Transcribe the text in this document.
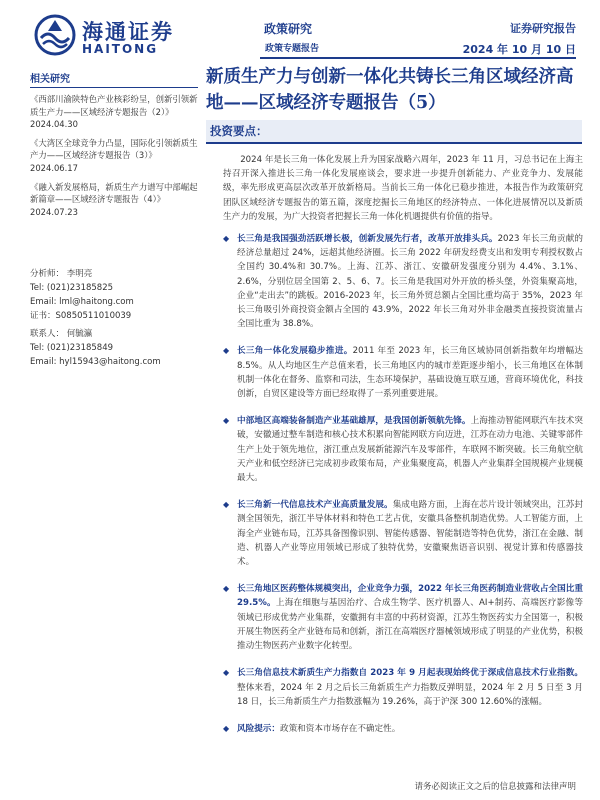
海通证券
HAITONG
政策研究
政策专题报告
证券研究报告
2024 年 10 月 10 日
相关研究
《西部川渝陕特色产业核彩纷呈，创新引领新质生产力——区域经济专题报告（2）》
2024.04.30
《大湾区全球竞争力凸显，国际化引领新质生产力——区域经济专题报告（3）》
2024.06.17
《融入新发展格局，新质生产力谱写中部崛起新篇章——区域经济专题报告（4）》
2024.07.23
分析师： 李明亮
Tel: (021)23185825
Email: lml@haitong.com
证书：S0850511010039
联系人： 何毓瀛
Tel: (021)23185849
Email: hyl15943@haitong.com
新质生产力与创新一体化共铸长三角区域经济高地——区域经济专题报告（5）
投资要点：

2024 年是长三角一体化发展上升为国家战略六周年，2023 年 11 月，习总书记在上海主持召开深入推进长三角一体化发展座谈会，要求进一步提升创新能力、产业竞争力、发展能级，率先形成更高层次改革开放新格局。当前长三角一体化已稳步推进，本报告作为政策研究团队区域经济专题报告的第五篇，深度挖掘长三角地区的经济特点、一体化进展情况以及新质生产力的发展，为广大投资者把握长三角一体化机遇提供有价值的指导。

◆ 长三角是我国强劲活跃增长极，创新发展先行者，改革开放排头兵。2023 年长三角贡献的经济总量超过 24%，远超其他经济圈。长三角 2022 年研发经费支出和发明专利授权数占全国约 30.4%和 30.7%。上海、江苏、浙江、安徽研发强度分别为 4.4%、3.1%、2.6%，分别位居全国第 2、5、6、7。长三角是我国对外开放的桥头堡，外资集聚高地，企业“走出去”的跳板。2016-2023 年，长三角外贸总额占全国比重均高于 35%，2023 年长三角吸引外商投资金额占全国的 43.9%，2022 年长三角对外非金融类直接投资流量占全国比重为 38.8%。
◆ 长三角一体化发展稳步推进。2011 年至 2023 年，长三角区域协同创新指数年均增幅达 8.5%。从人均地区生产总值来看，长三角地区内的城市差距逐步缩小，长三角地区在体制机制一体化在督务、监察和司法，生态环境保护，基础设施互联互通，营商环境优化，科技创新，自贸区建设等方面已经取得了一系列重要进展。
◆ 中部地区高端装备制造产业基础雄厚，是我国创新领航先锋。上海推动智能网联汽车技术突破，安徽通过整车制造和核心技术积累向智能网联方向迈进，江苏在动力电池、关键零部件生产上处于领先地位，浙江重点发展新能源汽车及零部件，车联网不断突破。长三角航空航天产业和低空经济已完成初步政策布局，产业集聚度高，机器人产业集群全国规模产业规模最大。
◆ 长三角新一代信息技术产业高质量发展。集成电路方面，上海在芯片设计领域突出，江苏封测全国领先，浙江半导体材料和特色工艺占优，安徽具备整机制造优势。人工智能方面，上海全产业链布局，江苏具备图像识别、智能传感器、智能制造等特色优势，浙江在金融、制造、机器人产业等应用领域已形成了独特优势，安徽聚焦语音识别、视觉计算和传感器技术。
◆ 长三角地区医药整体规模突出，企业竞争力强，2022 年长三角医药制造业营收占全国比重 29.5%。上海在细胞与基因治疗、合成生物学、医疗机器人、AI+制药、高端医疗影像等领域已形成优势产业集群，安徽拥有丰富的中药材资源，江苏生物医药实力全国第一，积极开展生物医药全产业链布局和创新，浙江在高端医疗器械领域形成了明显的产业优势，积极推动生物医药产业数字化转型。
◆ 长三角信息技术新质生产力指数自 2023 年 9 月起表现始终优于深成信息技术行业指数。整体来看，2024 年 2 月之后长三角新质生产力指数反弹明显，2024 年 2 月 5 日至 3 月 18 日，长三角新质生产力指数涨幅为 19.26%，高于沪深 300 12.60%的涨幅。
◆ 风险提示：政策和资本市场存在不确定性。
请务必阅读正文之后的信息披露和法律声明
